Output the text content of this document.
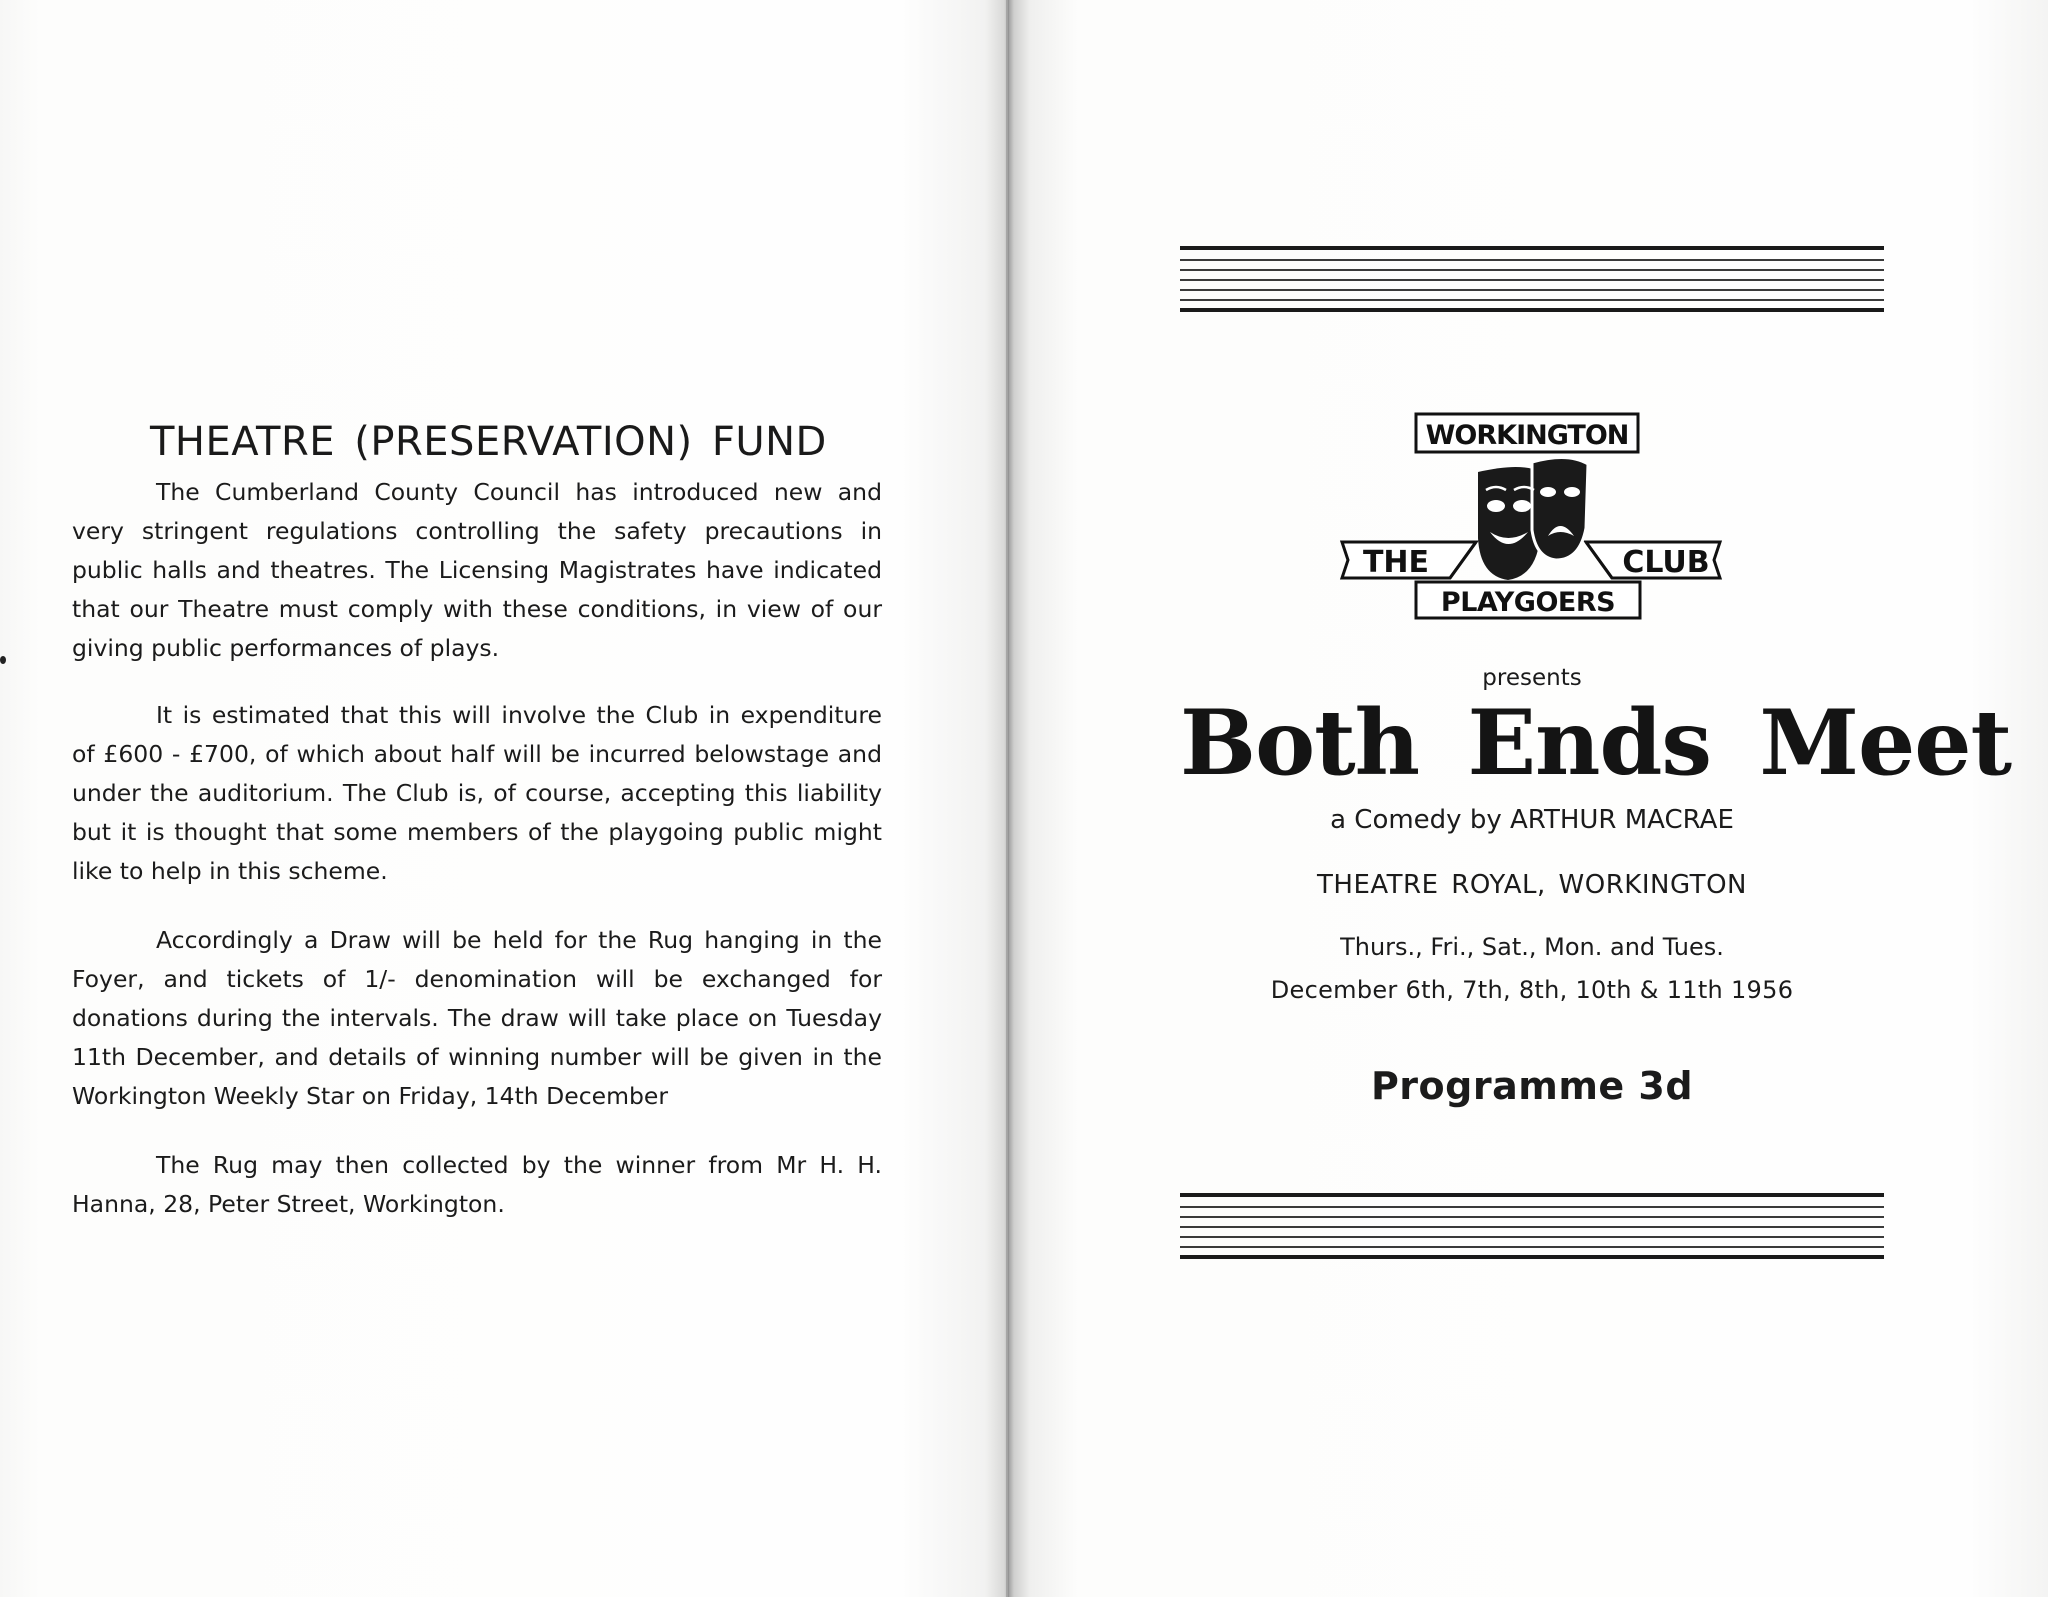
THEATRE (PRESERVATION) FUND

The Cumberland County Council has introduced new and very stringent regulations controlling the safety precautions in public halls and theatres. The Licensing Magistrates have indicated that our Theatre must comply with these conditions, in view of our giving public performances of plays.

It is estimated that this will involve the Club in expenditure of £600 - £700, of which about half will be incurred belowstage and under the auditorium. The Club is, of course, accepting this liability but it is thought that some members of the playgoing public might like to help in this scheme.

Accordingly a Draw will be held for the Rug hanging in the Foyer, and tickets of 1/- denomination will be exchanged for donations during the intervals. The draw will take place on Tuesday 11th December, and details of winning number will be given in the Workington Weekly Star on Friday, 14th December

The Rug may then collected by the winner from Mr H. H. Hanna, 28, Peter Street, Workington.

WORKINGTON
THE	CLUB
PLAYGOERS
presents
Both Ends Meet
a Comedy by ARTHUR MACRAE
THEATRE ROYAL, WORKINGTON
Thurs., Fri., Sat., Mon. and Tues.
December 6th, 7th, 8th, 10th & 11th 1956
Programme 3d
